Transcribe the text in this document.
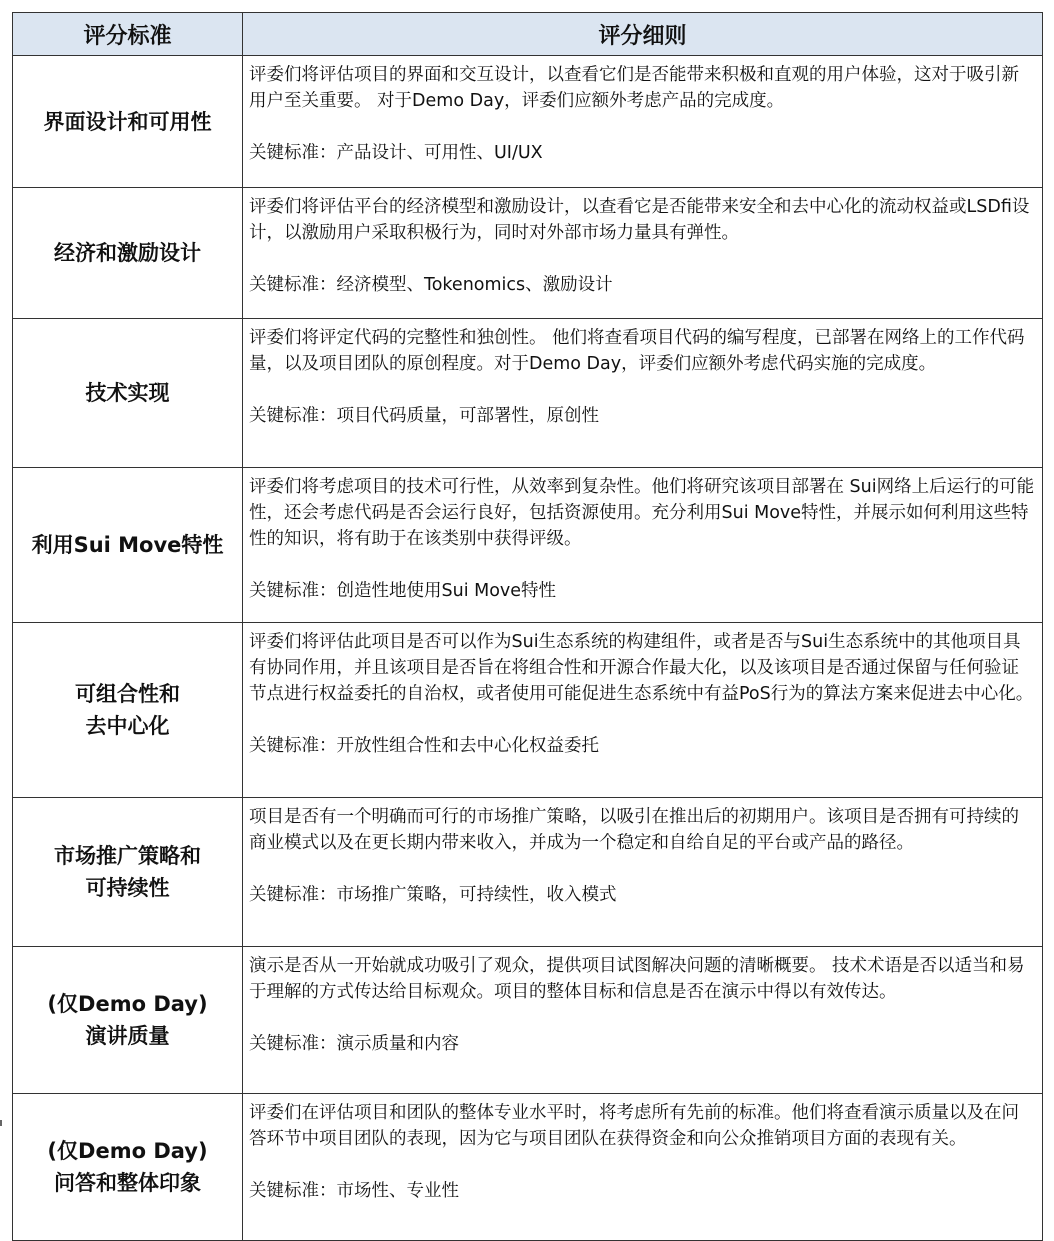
评分标准	评分细则
界面设计和可用性	评委们将评估项目的界面和交互设计，以查看它们是否能带来积极和直观的用户体验，这对于吸引新用户至关重要。 对于Demo Day，评委们应额外考虑产品的完成度。
关键标准：产品设计、可用性、UI/UX

经济和激励设计	评委们将评估平台的经济模型和激励设计，以查看它是否能带来安全和去中心化的流动权益或LSDfi设计，以激励用户采取积极行为，同时对外部市场力量具有弹性。
关键标准：经济模型、Tokenomics、激励设计

技术实现	评委们将评定代码的完整性和独创性。 他们将查看项目代码的编写程度，已部署在网络上的工作代码量，以及项目团队的原创程度。对于Demo Day，评委们应额外考虑代码实施的完成度。
关键标准：项目代码质量，可部署性，原创性

利用Sui Move特性	评委们将考虑项目的技术可行性，从效率到复杂性。他们将研究该项目部署在 Sui网络上后运行的可能性，还会考虑代码是否会运行良好，包括资源使用。充分利用Sui Move特性，并展示如何利用这些特性的知识，将有助于在该类别中获得评级。
关键标准：创造性地使用Sui Move特性

可组合性和
去中心化	评委们将评估此项目是否可以作为Sui生态系统的构建组件，或者是否与Sui生态系统中的其他项目具有协同作用，并且该项目是否旨在将组合性和开源合作最大化，以及该项目是否通过保留与任何验证节点进行权益委托的自治权，或者使用可能促进生态系统中有益PoS行为的算法方案来促进去中心化。
关键标准：开放性组合性和去中心化权益委托

市场推广策略和
可持续性	项目是否有一个明确而可行的市场推广策略，以吸引在推出后的初期用户。该项目是否拥有可持续的商业模式以及在更长期内带来收入，并成为一个稳定和自给自足的平台或产品的路径。
关键标准：市场推广策略，可持续性，收入模式

(仅Demo Day)
演讲质量	演示是否从一开始就成功吸引了观众，提供项目试图解决问题的清晰概要。 技术术语是否以适当和易于理解的方式传达给目标观众。项目的整体目标和信息是否在演示中得以有效传达。
关键标准：演示质量和内容

(仅Demo Day)
问答和整体印象	评委们在评估项目和团队的整体专业水平时，将考虑所有先前的标准。他们将查看演示质量以及在问答环节中项目团队的表现，因为它与项目团队在获得资金和向公众推销项目方面的表现有关。
关键标准：市场性、专业性
